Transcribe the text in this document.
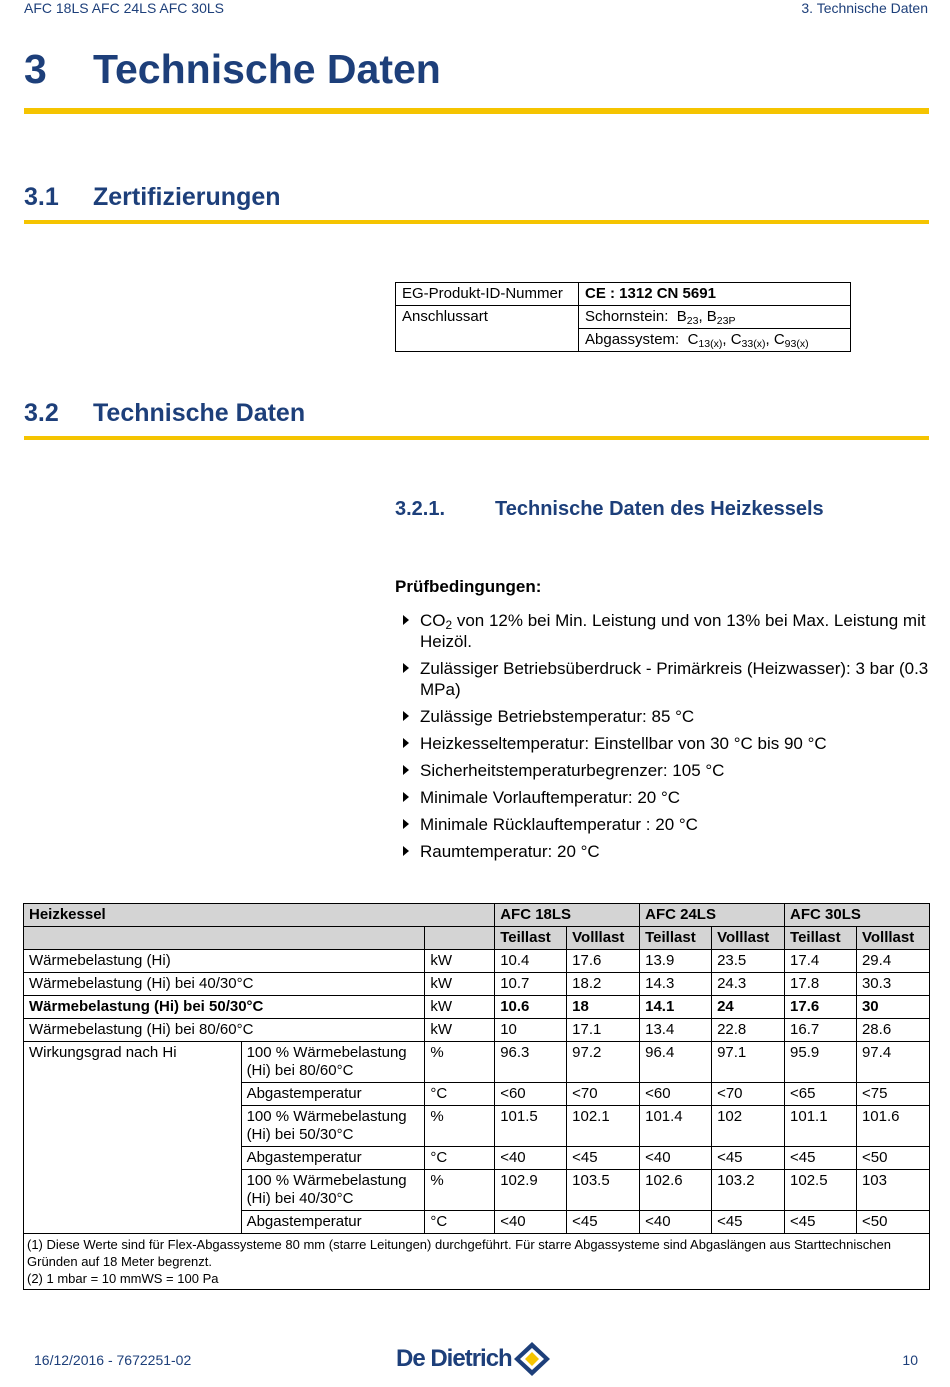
AFC 18LS AFC 24LS AFC 30LS	3. Technische Daten
3 Technische Daten
3.1 Zertifizierungen
EG-Produkt-ID-Nummer	CE : 1312 CN 5691
Anschlussart	Schornstein: $B_{23}$, $B_{23P}$
	Abgassystem: $C_{13(x)}$, $C_{33(x)}$, $C_{93(x)}$
3.2 Technische Daten
3.2.1. Technische Daten des Heizkessels
Prüfbedingungen:
$CO_2$ von 12% bei Min. Leistung und von 13% bei Max. Leistung mit Heizöl.
Zulässiger Betriebsüberdruck - Primärkreis (Heizwasser): 3 bar (0.3 MPa)
Zulässige Betriebstemperatur: 85 °C
Heizkesseltemperatur: Einstellbar von 30 °C bis 90 °C
Sicherheitstemperaturbegrenzer: 105 °C
Minimale Vorlauftemperatur: 20 °C
Minimale Rücklauftemperatur : 20 °C
Raumtemperatur: 20 °C
Heizkessel			AFC 18LS		AFC 24LS		AFC 30LS	
			Teillast	Volllast	Teillast	Volllast	Teillast	Volllast
Wärmebelastung (Hi)		kW	10.4	17.6	13.9	23.5	17.4	29.4
Wärmebelastung (Hi) bei 40/30°C		kW	10.7	18.2	14.3	24.3	17.8	30.3
Wärmebelastung (Hi) bei 50/30°C		kW	10.6	18	14.1	24	17.6	30
Wärmebelastung (Hi) bei 80/60°C		kW	10	17.1	13.4	22.8	16.7	28.6
Wirkungsgrad nach Hi	100 % Wärmebelastung (Hi) bei 80/60°C	%	96.3	97.2	96.4	97.1	95.9	97.4
	Abgastemperatur	°C	<60	<70	<60	<70	<65	<75
	100 % Wärmebelastung (Hi) bei 50/30°C	%	101.5	102.1	101.4	102	101.1	101.6
	Abgastemperatur	°C	<40	<45	<40	<45	<45	<50
	100 % Wärmebelastung (Hi) bei 40/30°C	%	102.9	103.5	102.6	103.2	102.5	103
	Abgastemperatur	°C	<40	<45	<40	<45	<45	<50

(1) Diese Werte sind für Flex-Abgassysteme 80 mm (starre Leitungen) durchgeführt. Für starre Abgassysteme sind Abgaslängen aus Starttechnischen Gründen auf 18 Meter begrenzt.
(2) 1 mbar = 10 mmWS = 100 Pa								
16/12/2016 - 7672251-02	De Dietrich	10
